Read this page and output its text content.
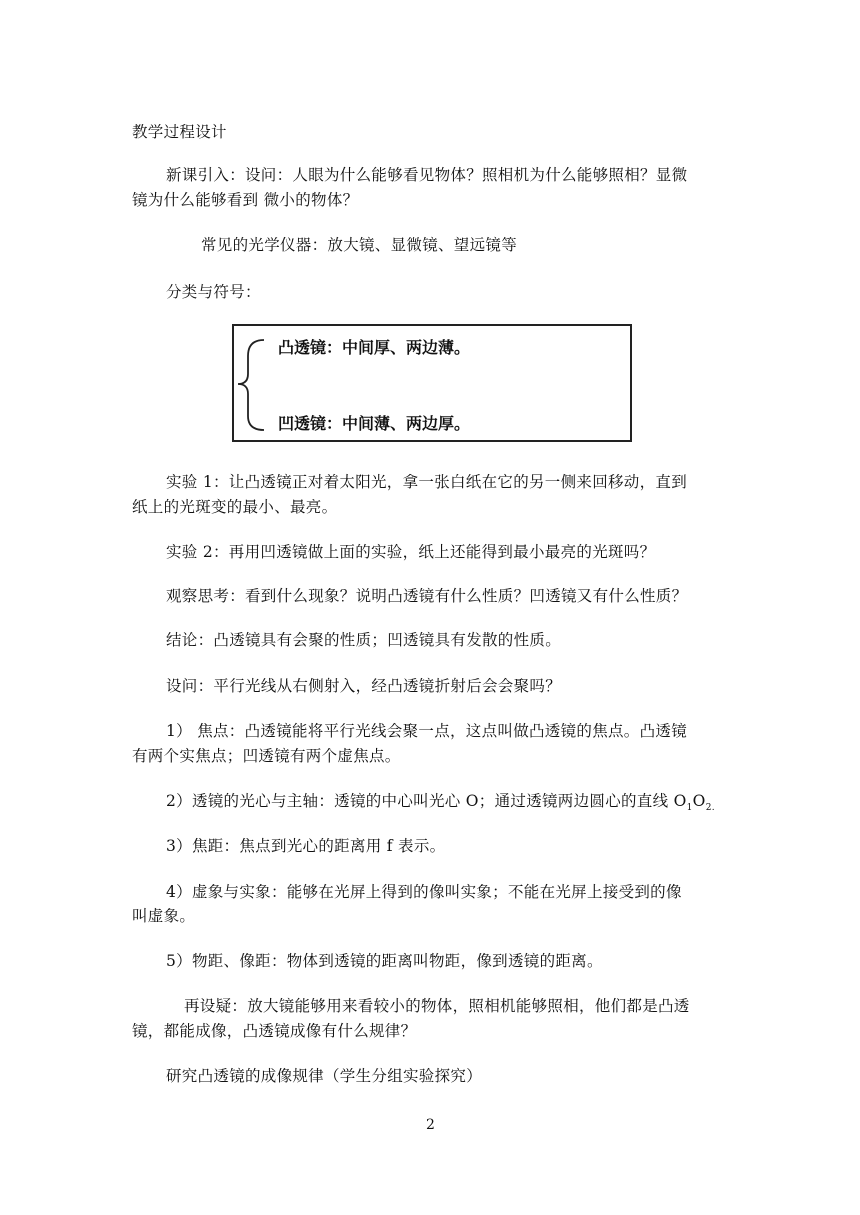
教学过程设计
新课引入：设问：人眼为什么能够看见物体？照相机为什么能够照相？显微
镜为什么能够看到 微小的物体？
常见的光学仪器：放大镜、显微镜、望远镜等
分类与符号：
凸透镜：中间厚、两边薄。
凹透镜：中间薄、两边厚。
实验 1：让凸透镜正对着太阳光，拿一张白纸在它的另一侧来回移动，直到
纸上的光斑变的最小、最亮。
实验 2：再用凹透镜做上面的实验，纸上还能得到最小最亮的光斑吗？
观察思考：看到什么现象？说明凸透镜有什么性质？凹透镜又有什么性质？
结论：凸透镜具有会聚的性质；凹透镜具有发散的性质。
设问：平行光线从右侧射入，经凸透镜折射后会会聚吗？
1） 焦点：凸透镜能将平行光线会聚一点，这点叫做凸透镜的焦点。凸透镜
有两个实焦点；凹透镜有两个虚焦点。
2）透镜的光心与主轴：透镜的中心叫光心 O；通过透镜两边圆心的直线 $O_1O_{2.}$
3）焦距：焦点到光心的距离用 f 表示。
4）虚象与实象：能够在光屏上得到的像叫实象；不能在光屏上接受到的像
叫虚象。
5）物距、像距：物体到透镜的距离叫物距，像到透镜的距离。
再设疑：放大镜能够用来看较小的物体，照相机能够照相，他们都是凸透
镜，都能成像，凸透镜成像有什么规律？
研究凸透镜的成像规律（学生分组实验探究）
2
